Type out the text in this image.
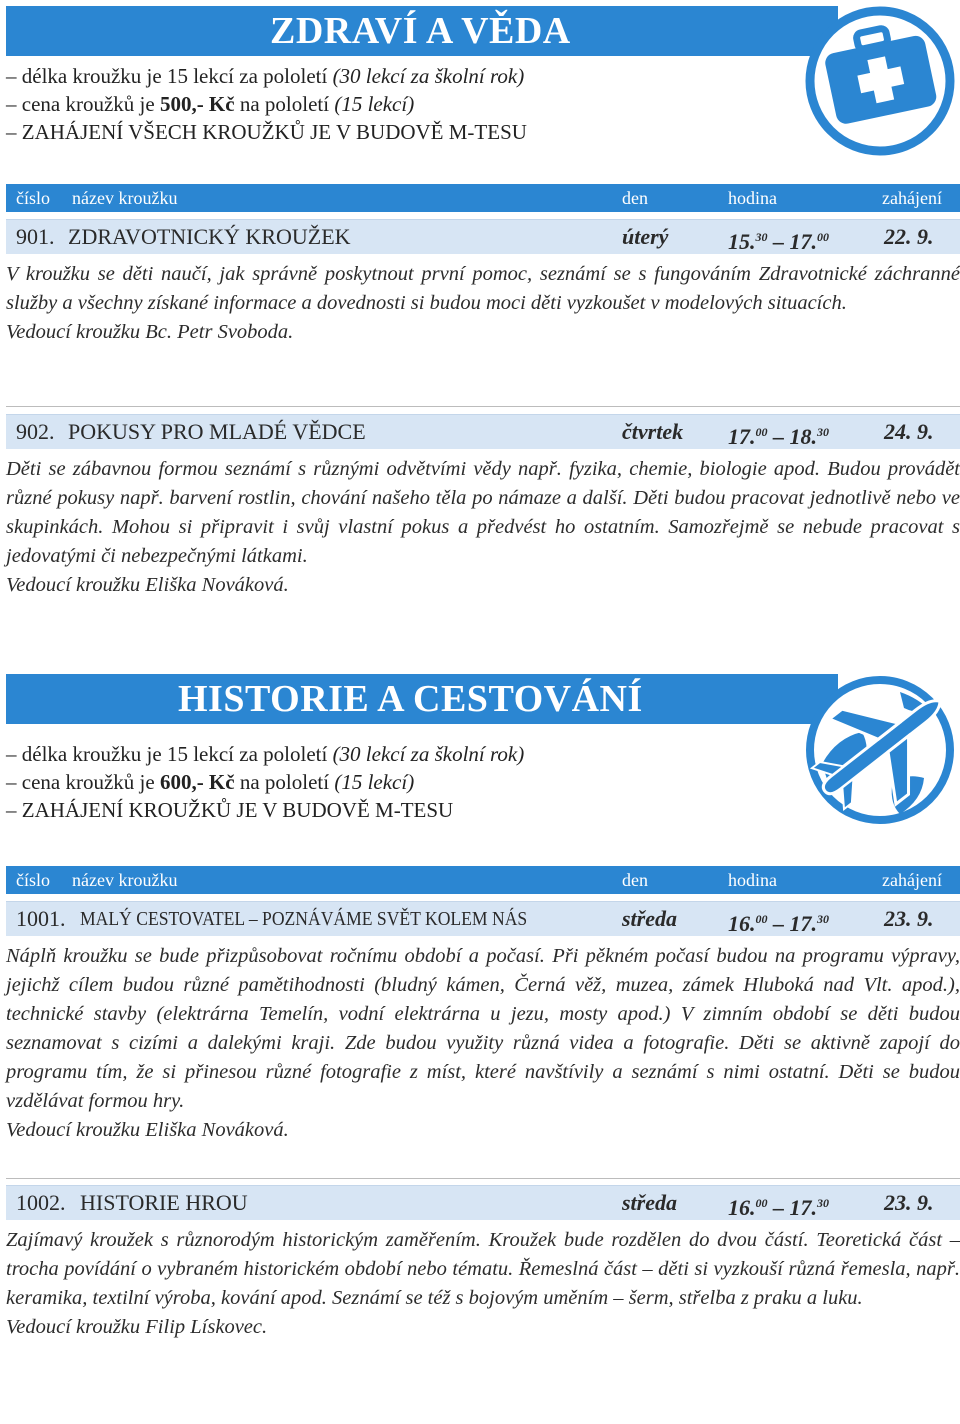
ZDRAVÍ A VĚDA
– délka kroužku je 15 lekcí za pololetí (30 lekcí za školní rok)
– cena kroužků je 500,- Kč na pololetí (15 lekcí)
– ZAHÁJENÍ VŠECH KROUŽKŮ JE V BUDOVĚ M-TESU
číslo název kroužku	den	hodina	zahájení
901. ZDRAVOTNICKÝ KROUŽEK	úterý	15.30 – 17.00	22. 9.

V kroužku se děti naučí, jak správně poskytnout první pomoc, seznámí se s fungováním Zdravotnické záchranné služby a všechny získané informace a dovednosti si budou moci děti vyzkoušet v modelových situacích.

Vedoucí kroužku Bc. Petr Svoboda.

902. POKUSY PRO MLADÉ VĚDCE	čtvrtek 17.00 – 18.30	24. 9.

Děti se zábavnou formou seznámí s různými odvětvími vědy např. fyzika, chemie, biologie apod. Budou provádět různé pokusy např. barvení rostlin, chování našeho těla po námaze a další. Děti budou pracovat jednotlivě nebo ve skupinkách. Mohou si připravit i svůj vlastní pokus a předvést ho ostatním. Samozřejmě se nebude pracovat s jedovatými či nebezpečnými látkami.

Vedoucí kroužku Eliška Nováková.

HISTORIE A CESTOVÁNÍ
– délka kroužku je 15 lekcí za pololetí (30 lekcí za školní rok)
– cena kroužků je 600,- Kč na pololetí (15 lekcí)
– ZAHÁJENÍ KROUŽKŮ JE V BUDOVĚ M-TESU
číslo název kroužku	den	hodina	zahájení
1001. MALÝ CESTOVATEL – POZNÁVÁME SVĚT KOLEM NÁS	středa 16.00 – 17.30	23. 9.

Náplň kroužku se bude přizpůsobovat ročnímu období a počasí. Při pěkném počasí budou na programu výpravy, jejichž cílem budou různé pamětihodnosti (bludný kámen, Černá věž, muzea, zámek Hluboká nad Vlt. apod.), technické stavby (elektrárna Temelín, vodní elektrárna u jezu, mosty apod.) V zimním období se děti budou seznamovat s cizími a dalekými kraji. Zde budou využity různá videa a fotografie. Děti se aktivně zapojí do programu tím, že si přinesou různé fotografie z míst, které navštívily a seznámí s nimi ostatní. Děti se budou vzdělávat formou hry.

Vedoucí kroužku Eliška Nováková.

1002. HISTORIE HROU	středa 16.00 – 17.30	23. 9.

Zajímavý kroužek s různorodým historickým zaměřením. Kroužek bude rozdělen do dvou částí. Teoretická část – trocha povídání o vybraném historickém období nebo tématu. Řemeslná část – děti si vyzkouší různá řemesla, např. keramika, textilní výroba, kování apod. Seznámí se též s bojovým uměním – šerm, střelba z praku a luku.

Vedoucí kroužku Filip Lískovec.
